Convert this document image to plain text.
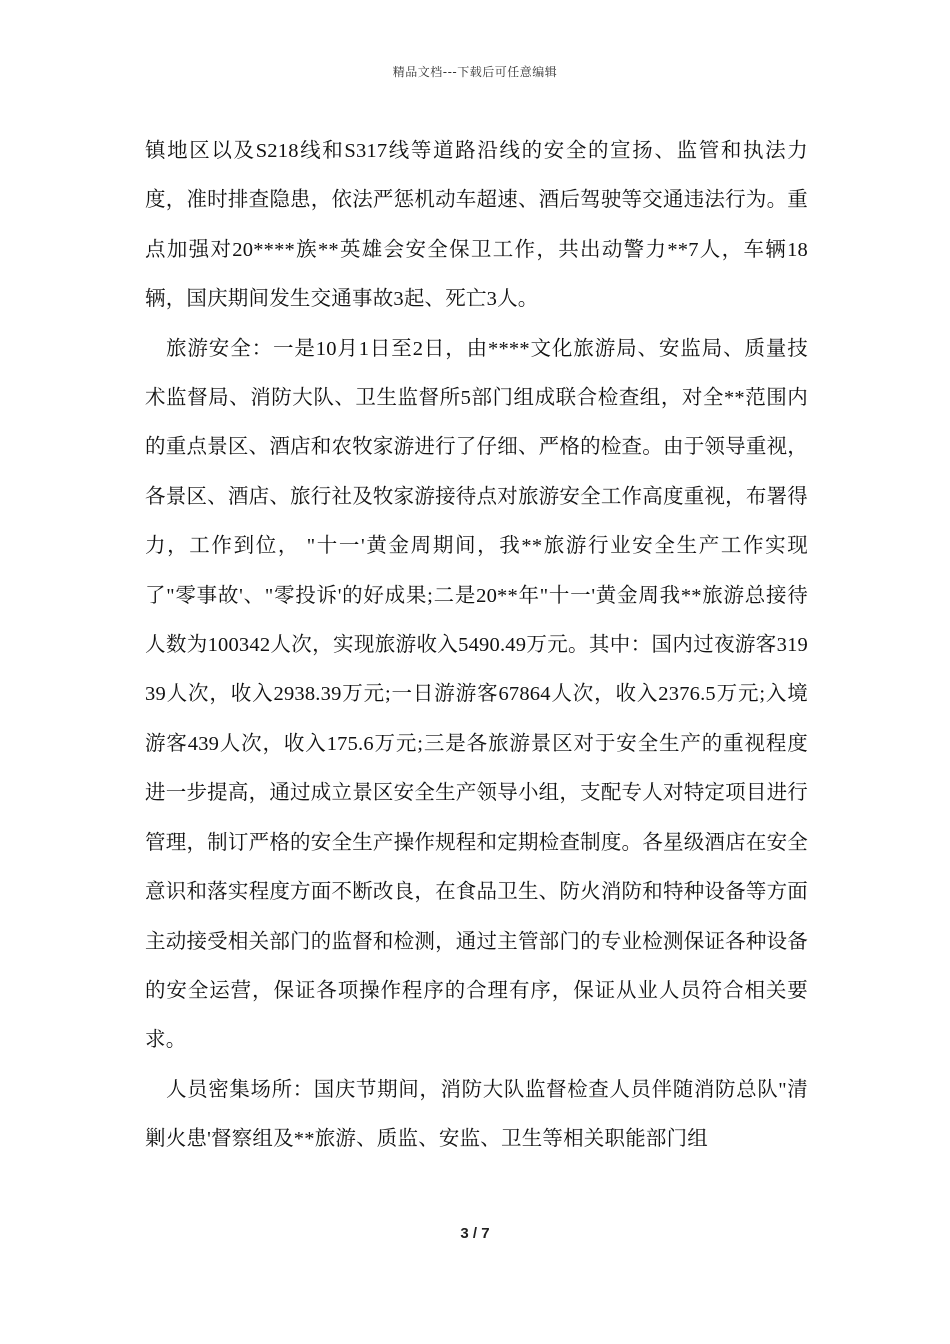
精品文档---下载后可任意编辑

镇地区以及S218线和S317线等道路沿线的安全的宣扬、监管和执法力度，准时排查隐患，依法严惩机动车超速、酒后驾驶等交通违法行为。重点加强对20****族**英雄会安全保卫工作，共出动警力**7人，车辆18辆，国庆期间发生交通事故3起、死亡3人。

旅游安全：一是10月1日至2日，由****文化旅游局、安监局、质量技术监督局、消防大队、卫生监督所5部门组成联合检查组，对全**范围内的重点景区、酒店和农牧家游进行了仔细、严格的检查。由于领导重视，各景区、酒店、旅行社及牧家游接待点对旅游安全工作高度重视，布署得力，工作到位， "十一'黄金周期间，我**旅游行业安全生产工作实现了"零事故'、"零投诉'的好成果;二是20**年"十一'黄金周我**旅游总接待人数为100342人次，实现旅游收入5490.49万元。其中：国内过夜游客31939人次，收入2938.39万元;一日游游客67864人次，收入2376.5万元;入境游客439人次，收入175.6万元;三是各旅游景区对于安全生产的重视程度进一步提高，通过成立景区安全生产领导小组，支配专人对特定项目进行管理，制订严格的安全生产操作规程和定期检查制度。各星级酒店在安全意识和落实程度方面不断改良，在食品卫生、防火消防和特种设备等方面主动接受相关部门的监督和检测，通过主管部门的专业检测保证各种设备的安全运营，保证各项操作程序的合理有序，保证从业人员符合相关要求。

人员密集场所：国庆节期间，消防大队监督检查人员伴随消防总队"清剿火患'督察组及**旅游、质监、安监、卫生等相关职能部门组

3 / 7
